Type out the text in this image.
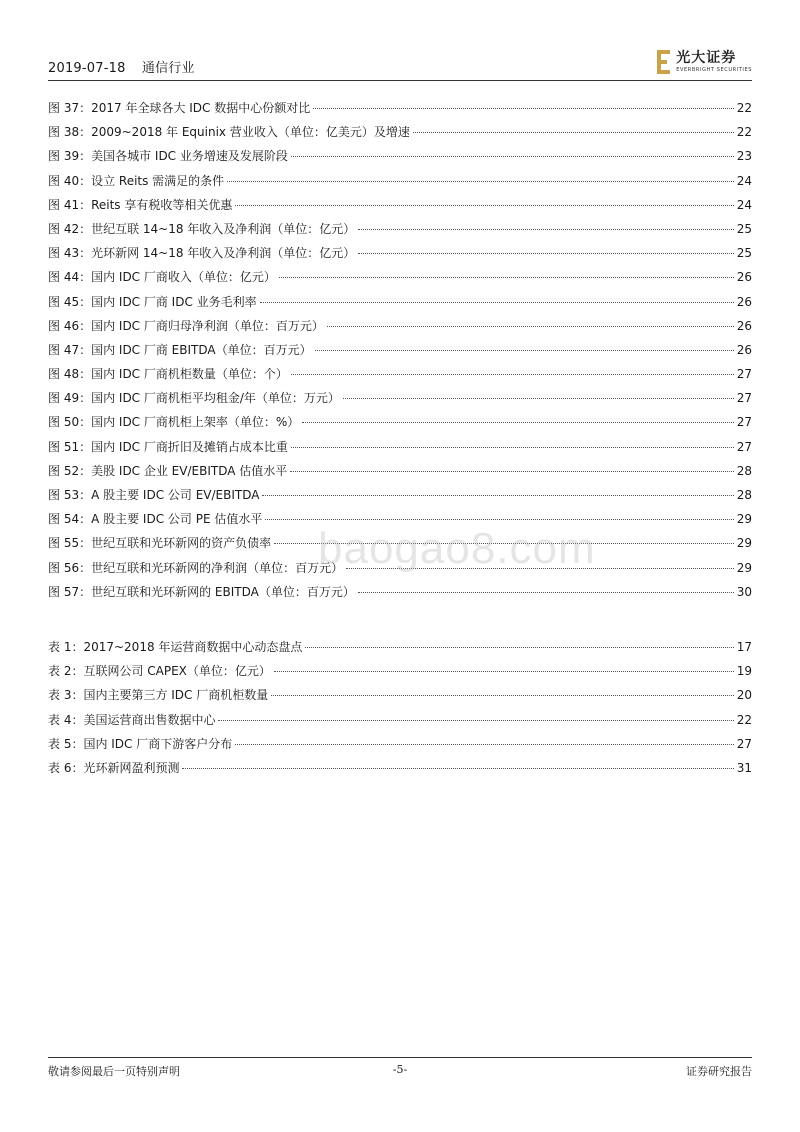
2019-07-18 通信行业
光大证券
EVERBRIGHT SECURITIES
图 37：2017 年全球各大 IDC 数据中心份额对比	22
图 38：2009~2018 年 Equinix 营业收入（单位：亿美元）及增速	22
图 39：美国各城市 IDC 业务增速及发展阶段	23
图 40：设立 Reits 需满足的条件	24
图 41：Reits 享有税收等相关优惠	24
图 42：世纪互联 14~18 年收入及净利润（单位：亿元）	25
图 43：光环新网 14~18 年收入及净利润（单位：亿元）	25
图 44：国内 IDC 厂商收入（单位：亿元）	26
图 45：国内 IDC 厂商 IDC 业务毛利率	26
图 46：国内 IDC 厂商归母净利润（单位：百万元）	26
图 47：国内 IDC 厂商 EBITDA（单位：百万元）	26
图 48：国内 IDC 厂商机柜数量（单位：个）	27
图 49：国内 IDC 厂商机柜平均租金/年（单位：万元）	27
图 50：国内 IDC 厂商机柜上架率（单位：%）	27
图 51：国内 IDC 厂商折旧及摊销占成本比重	27
图 52：美股 IDC 企业 EV/EBITDA 估值水平	28
图 53：A 股主要 IDC 公司 EV/EBITDA	28
图 54：A 股主要 IDC 公司 PE 估值水平	29
图 55：世纪互联和光环新网的资产负债率	29
图 56：世纪互联和光环新网的净利润（单位：百万元）	29
图 57：世纪互联和光环新网的 EBITDA（单位：百万元）	30
表 1：2017~2018 年运营商数据中心动态盘点	17
表 2：互联网公司 CAPEX（单位：亿元）	19
表 3：国内主要第三方 IDC 厂商机柜数量	20
表 4：美国运营商出售数据中心	22
表 5：国内 IDC 厂商下游客户分布	27
表 6：光环新网盈利预测	31
baogao8.com
敬请参阅最后一页特别声明	-5-	证券研究报告
